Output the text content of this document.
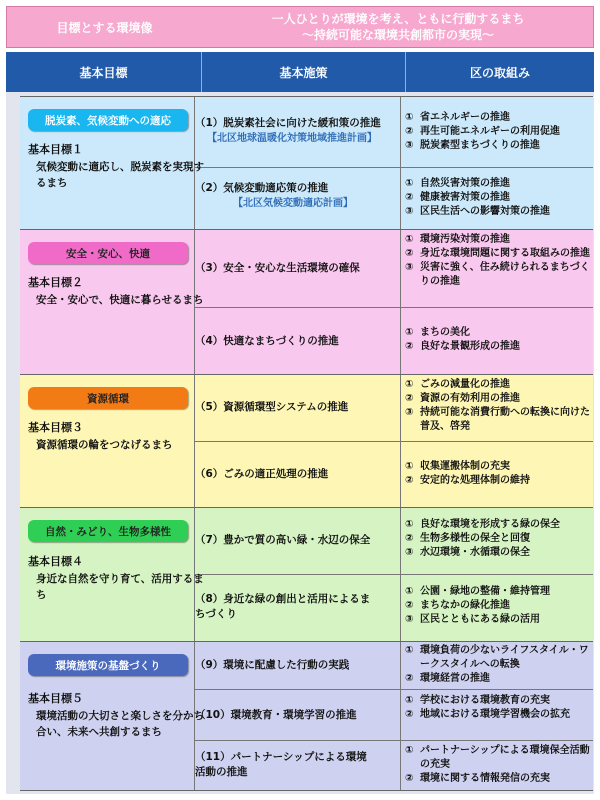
目標とする環境像
一人ひとりが環境を考え、ともに行動するまち
～持続可能な環境共創都市の実現～
基本目標	基本施策	区の取組み
脱炭素、気候変動への適応
基本目標１
気候変動に適応し、脱炭素を実現するまち
（1）脱炭素社会に向けた緩和策の推進
【北区地球温暖化対策地域推進計画】
① 省エネルギーの推進
② 再生可能エネルギーの利用促進
③ 脱炭素型まちづくりの推進
（2）気候変動適応策の推進
【北区気候変動適応計画】
① 自然災害対策の推進
② 健康被害対策の推進
③ 区民生活への影響対策の推進
安全・安心、快適
基本目標２
安全・安心で、快適に暮らせるまち
（3）安全・安心な生活環境の確保
① 環境汚染対策の推進
② 身近な環境問題に関する取組みの推進
③ 災害に強く、住み続けられるまちづくりの推進
（4）快適なまちづくりの推進
① まちの美化
② 良好な景観形成の推進
資源循環
基本目標３
資源循環の輪をつなげるまち
（5）資源循環型システムの推進
① ごみの減量化の推進
② 資源の有効利用の推進
③ 持続可能な消費行動への転換に向けた普及、啓発
（6）ごみの適正処理の推進
① 収集運搬体制の充実
② 安定的な処理体制の維持
自然・みどり、生物多様性
基本目標４
身近な自然を守り育て、活用するまち
（7）豊かで質の高い緑・水辺の保全
① 良好な環境を形成する緑の保全
② 生物多様性の保全と回復
③ 水辺環境・水循環の保全
（8）身近な緑の創出と活用によるまちづくり
① 公園・緑地の整備・維持管理
② まちなかの緑化推進
③ 区民とともにある緑の活用
環境施策の基盤づくり
基本目標５
環境活動の大切さと楽しさを分かち合い、未来へ共創するまち
（9）環境に配慮した行動の実践
① 環境負荷の少ないライフスタイル・ワークスタイルへの転換
② 環境経営の推進
（10）環境教育・環境学習の推進
① 学校における環境教育の充実
② 地域における環境学習機会の拡充
（11）パートナーシップによる環境活動の推進
① パートナーシップによる環境保全活動の充実
② 環境に関する情報発信の充実
